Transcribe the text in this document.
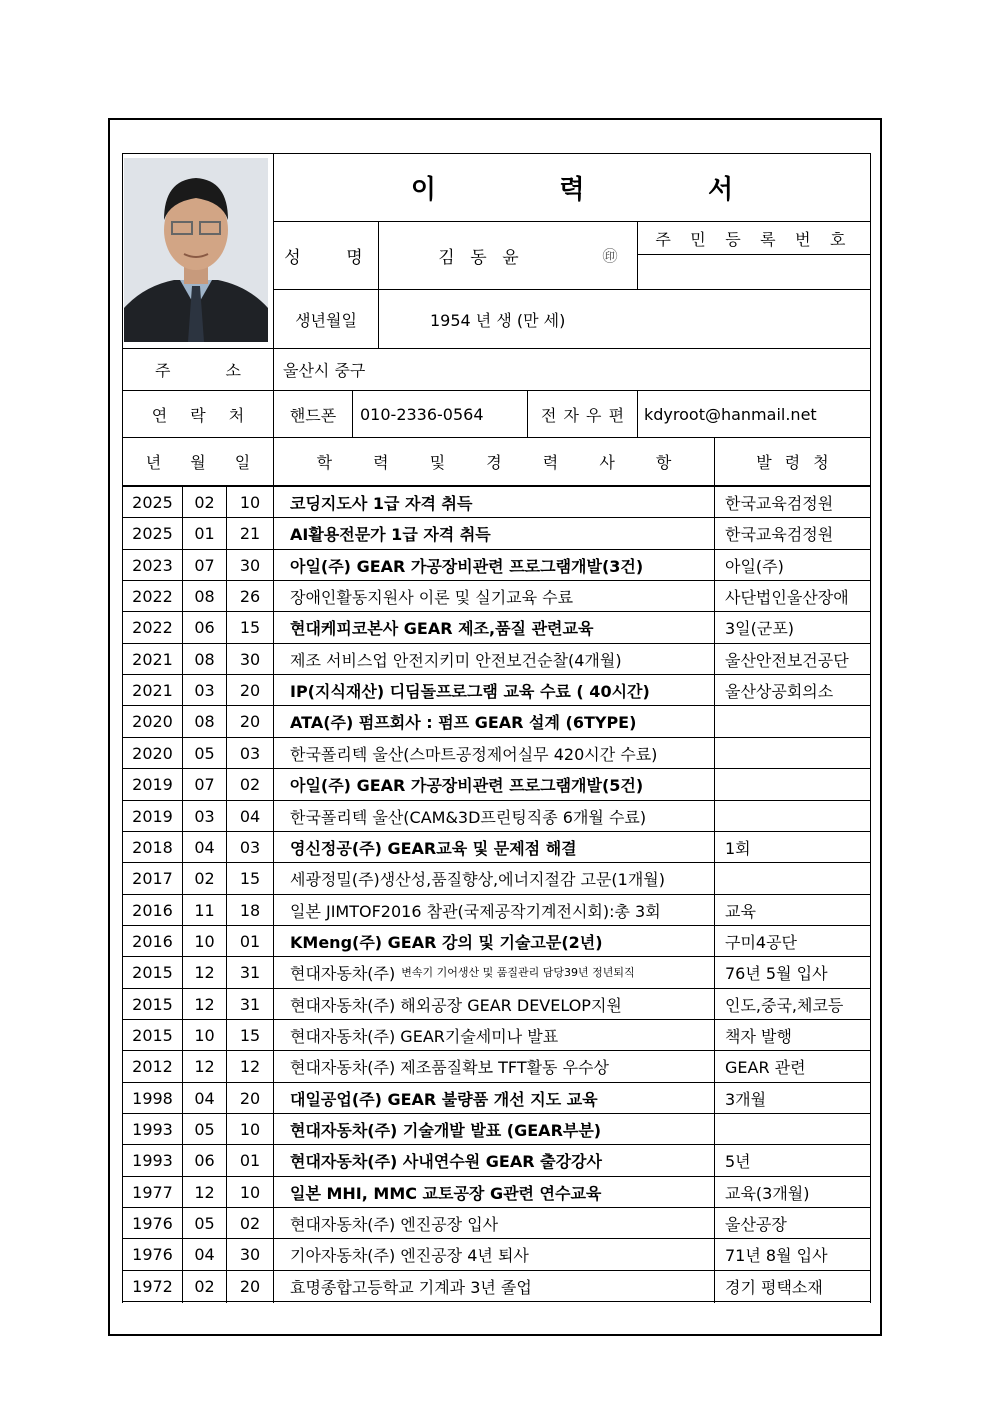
이 력 서
성 명	김 동 윤	㊞
주 민 등 록 번 호
생년월일	1954 년 생 (만 세)
주 소	울산시 중구
연 락 처	핸드폰	010-2336-0564	전 자 우 편	kdyroot@hanmail.net
년 월 일	학 력 및 경 력 사 항	발 령 청
2025	02	10	코딩지도사 1급 자격 취득	한국교육검정원
2025	01	21	AI활용전문가 1급 자격 취득	한국교육검정원
2023	07	30	아일(주) GEAR 가공장비관련 프로그램개발(3건)	아일(주)
2022	08	26	장애인활동지원사 이론 및 실기교육 수료	사단법인울산장애
2022	06	15	현대케피코본사 GEAR 제조,품질 관련교육	3일(군포)
2021	08	30	제조 서비스업 안전지키미 안전보건순찰(4개월)	울산안전보건공단
2021	03	20	IP(지식재산) 디딤돌프로그램 교육 수료 ( 40시간)	울산상공회의소
2020	08	20	ATA(주) 펌프회사 : 펌프 GEAR 설계 (6TYPE)
2020	05	03	한국폴리텍 울산(스마트공정제어실무 420시간 수료)
2019	07	02	아일(주) GEAR 가공장비관련 프로그램개발(5건)
2019	03	04	한국폴리텍 울산(CAM&3D프린팅직종 6개월 수료)
2018	04	03	영신정공(주) GEAR교육 및 문제점 해결	1회
2017	02	15	세광정밀(주)생산성,품질향상,에너지절감 고문(1개월)
2016	11	18	일본 JIMTOF2016 참관(국제공작기계전시회):총 3회	교육
2016	10	01	KMeng(주) GEAR 강의 및 기술고문(2년)	구미4공단
2015	12	31	현대자동차(주) 변속기 기어생산 및 품질관리 담당39년 정년퇴직	76년 5월 입사
2015	12	31	현대자동차(주) 해외공장 GEAR DEVELOP지원	인도,중국,체코등
2015	10	15	현대자동차(주) GEAR기술세미나 발표	책자 발행
2012	12	12	현대자동차(주) 제조품질확보 TFT활동 우수상	GEAR 관련
1998	04	20	대일공업(주) GEAR 불량품 개선 지도 교육	3개월
1993	05	10	현대자동차(주) 기술개발 발표 (GEAR부분)
1993	06	01	현대자동차(주) 사내연수원 GEAR 출강강사	5년
1977	12	10	일본 MHI, MMC 교토공장 G관련 연수교육	교육(3개월)
1976	05	02	현대자동차(주) 엔진공장 입사	울산공장
1976	04	30	기아자동차(주) 엔진공장 4년 퇴사	71년 8월 입사
1972	02	20	효명종합고등학교 기계과 3년 졸업	경기 평택소재
